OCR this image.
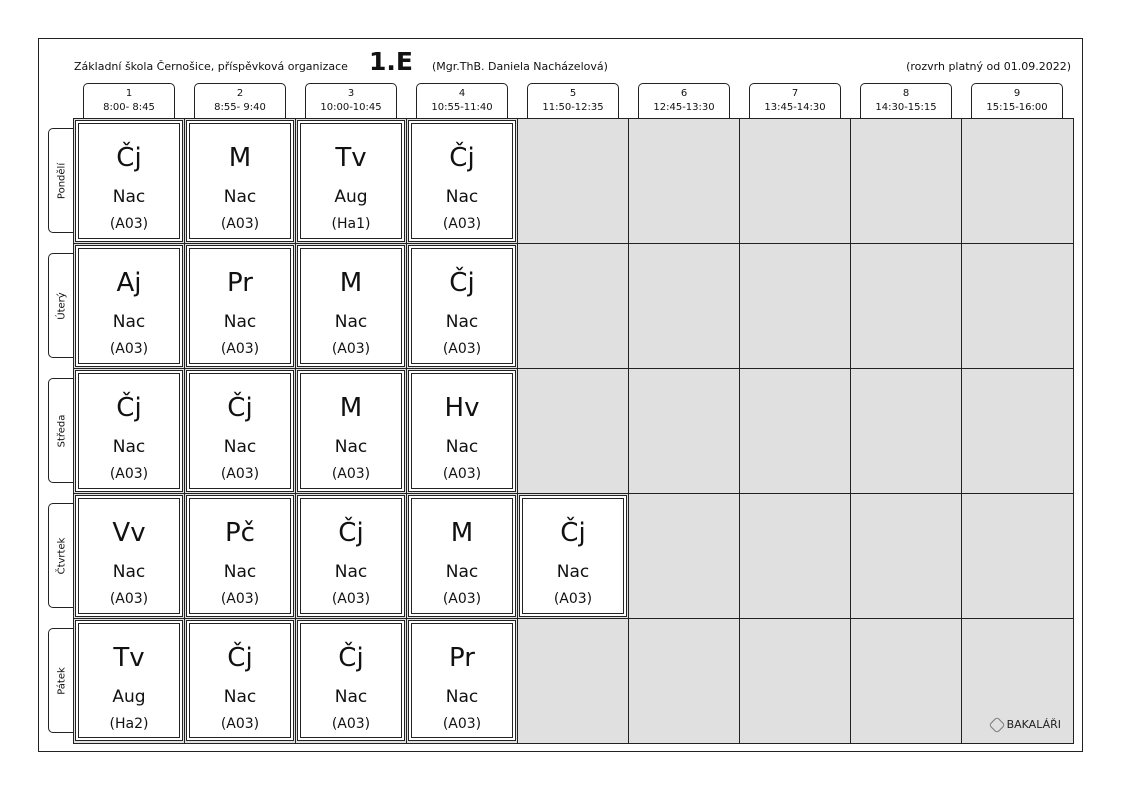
Základní škola Černošice, příspěvková organizace 1.E (Mgr.ThB. Daniela Nacházelová)	(rozvrh platný od 01.09.2022)
1
8:00- 8:45
2
8:55- 9:40
3
10:00-10:45
4
10:55-11:40
5
11:50-12:35
6
12:45-13:30
7
13:45-14:30
8
14:30-15:15
9
15:15-16:00
Pondělí
Úterý
Středa
Čtvrtek
Pátek
Čj
Nac
(A03)
M
Nac
(A03)
Tv
Aug
(Ha1)
Čj
Nac
(A03)
Aj
Nac
(A03)
Pr
Nac
(A03)
M
Nac
(A03)
Čj
Nac
(A03)
Čj
Nac
(A03)
Čj
Nac
(A03)
M
Nac
(A03)
Hv
Nac
(A03)
Vv
Nac
(A03)
Pč
Nac
(A03)
Čj
Nac
(A03)
M
Nac
(A03)
Čj
Nac
(A03)
Tv
Aug
(Ha2)
Čj
Nac
(A03)
Čj
Nac
(A03)
Pr
Nac
(A03)	BAKALÁŘI
